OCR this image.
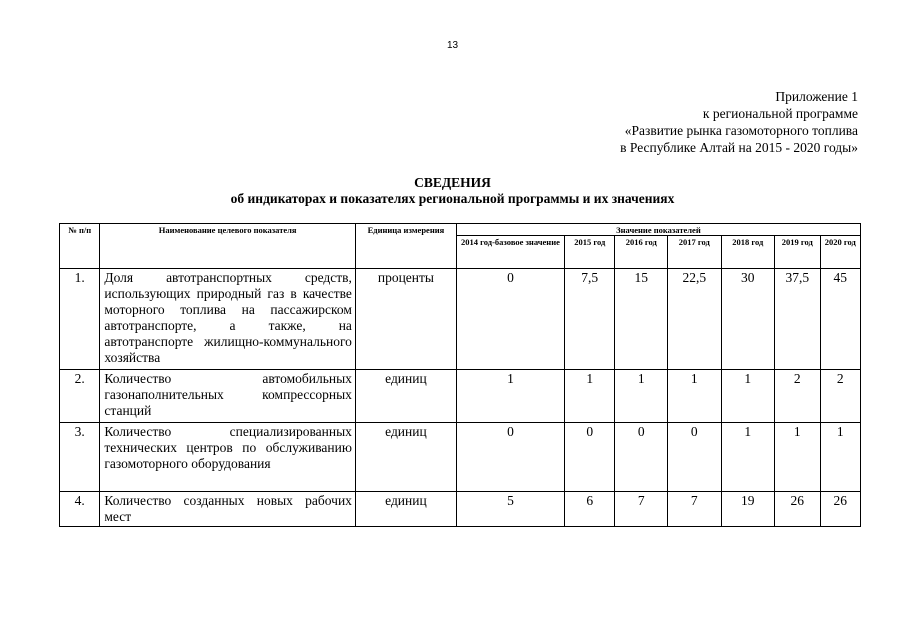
13
Приложение 1
к региональной программе
«Развитие рынка газомоторного топлива
в Республике Алтай на 2015 - 2020 годы»
СВЕДЕНИЯ
об индикаторах и показателях региональной программы и их значениях
№ п/п	Наименование целевого показателя	Единица измерения	Значение показателей						
			2014 год-базовое значение	2015 год	2016 год	2017 год	2018 год	2019 год	2020 год
1.	Доля автотранспортных средств, использующих природный газ в качестве моторного топлива на пассажирском автотранспорте, а также, на автотранспорте жилищно-коммунального хозяйства	проценты	0	7,5	15	22,5	30	37,5	45
2.	Количество автомобильных газонаполнительных компрессорных станций	единиц	1	1	1	1	1	2	2
3.	Количество специализированных технических центров по обслуживанию газомоторного оборудования	единиц	0	0	0	0	1	1	1
4.	Количество созданных новых рабочих мест	единиц	5	6	7	7	19	26	26
